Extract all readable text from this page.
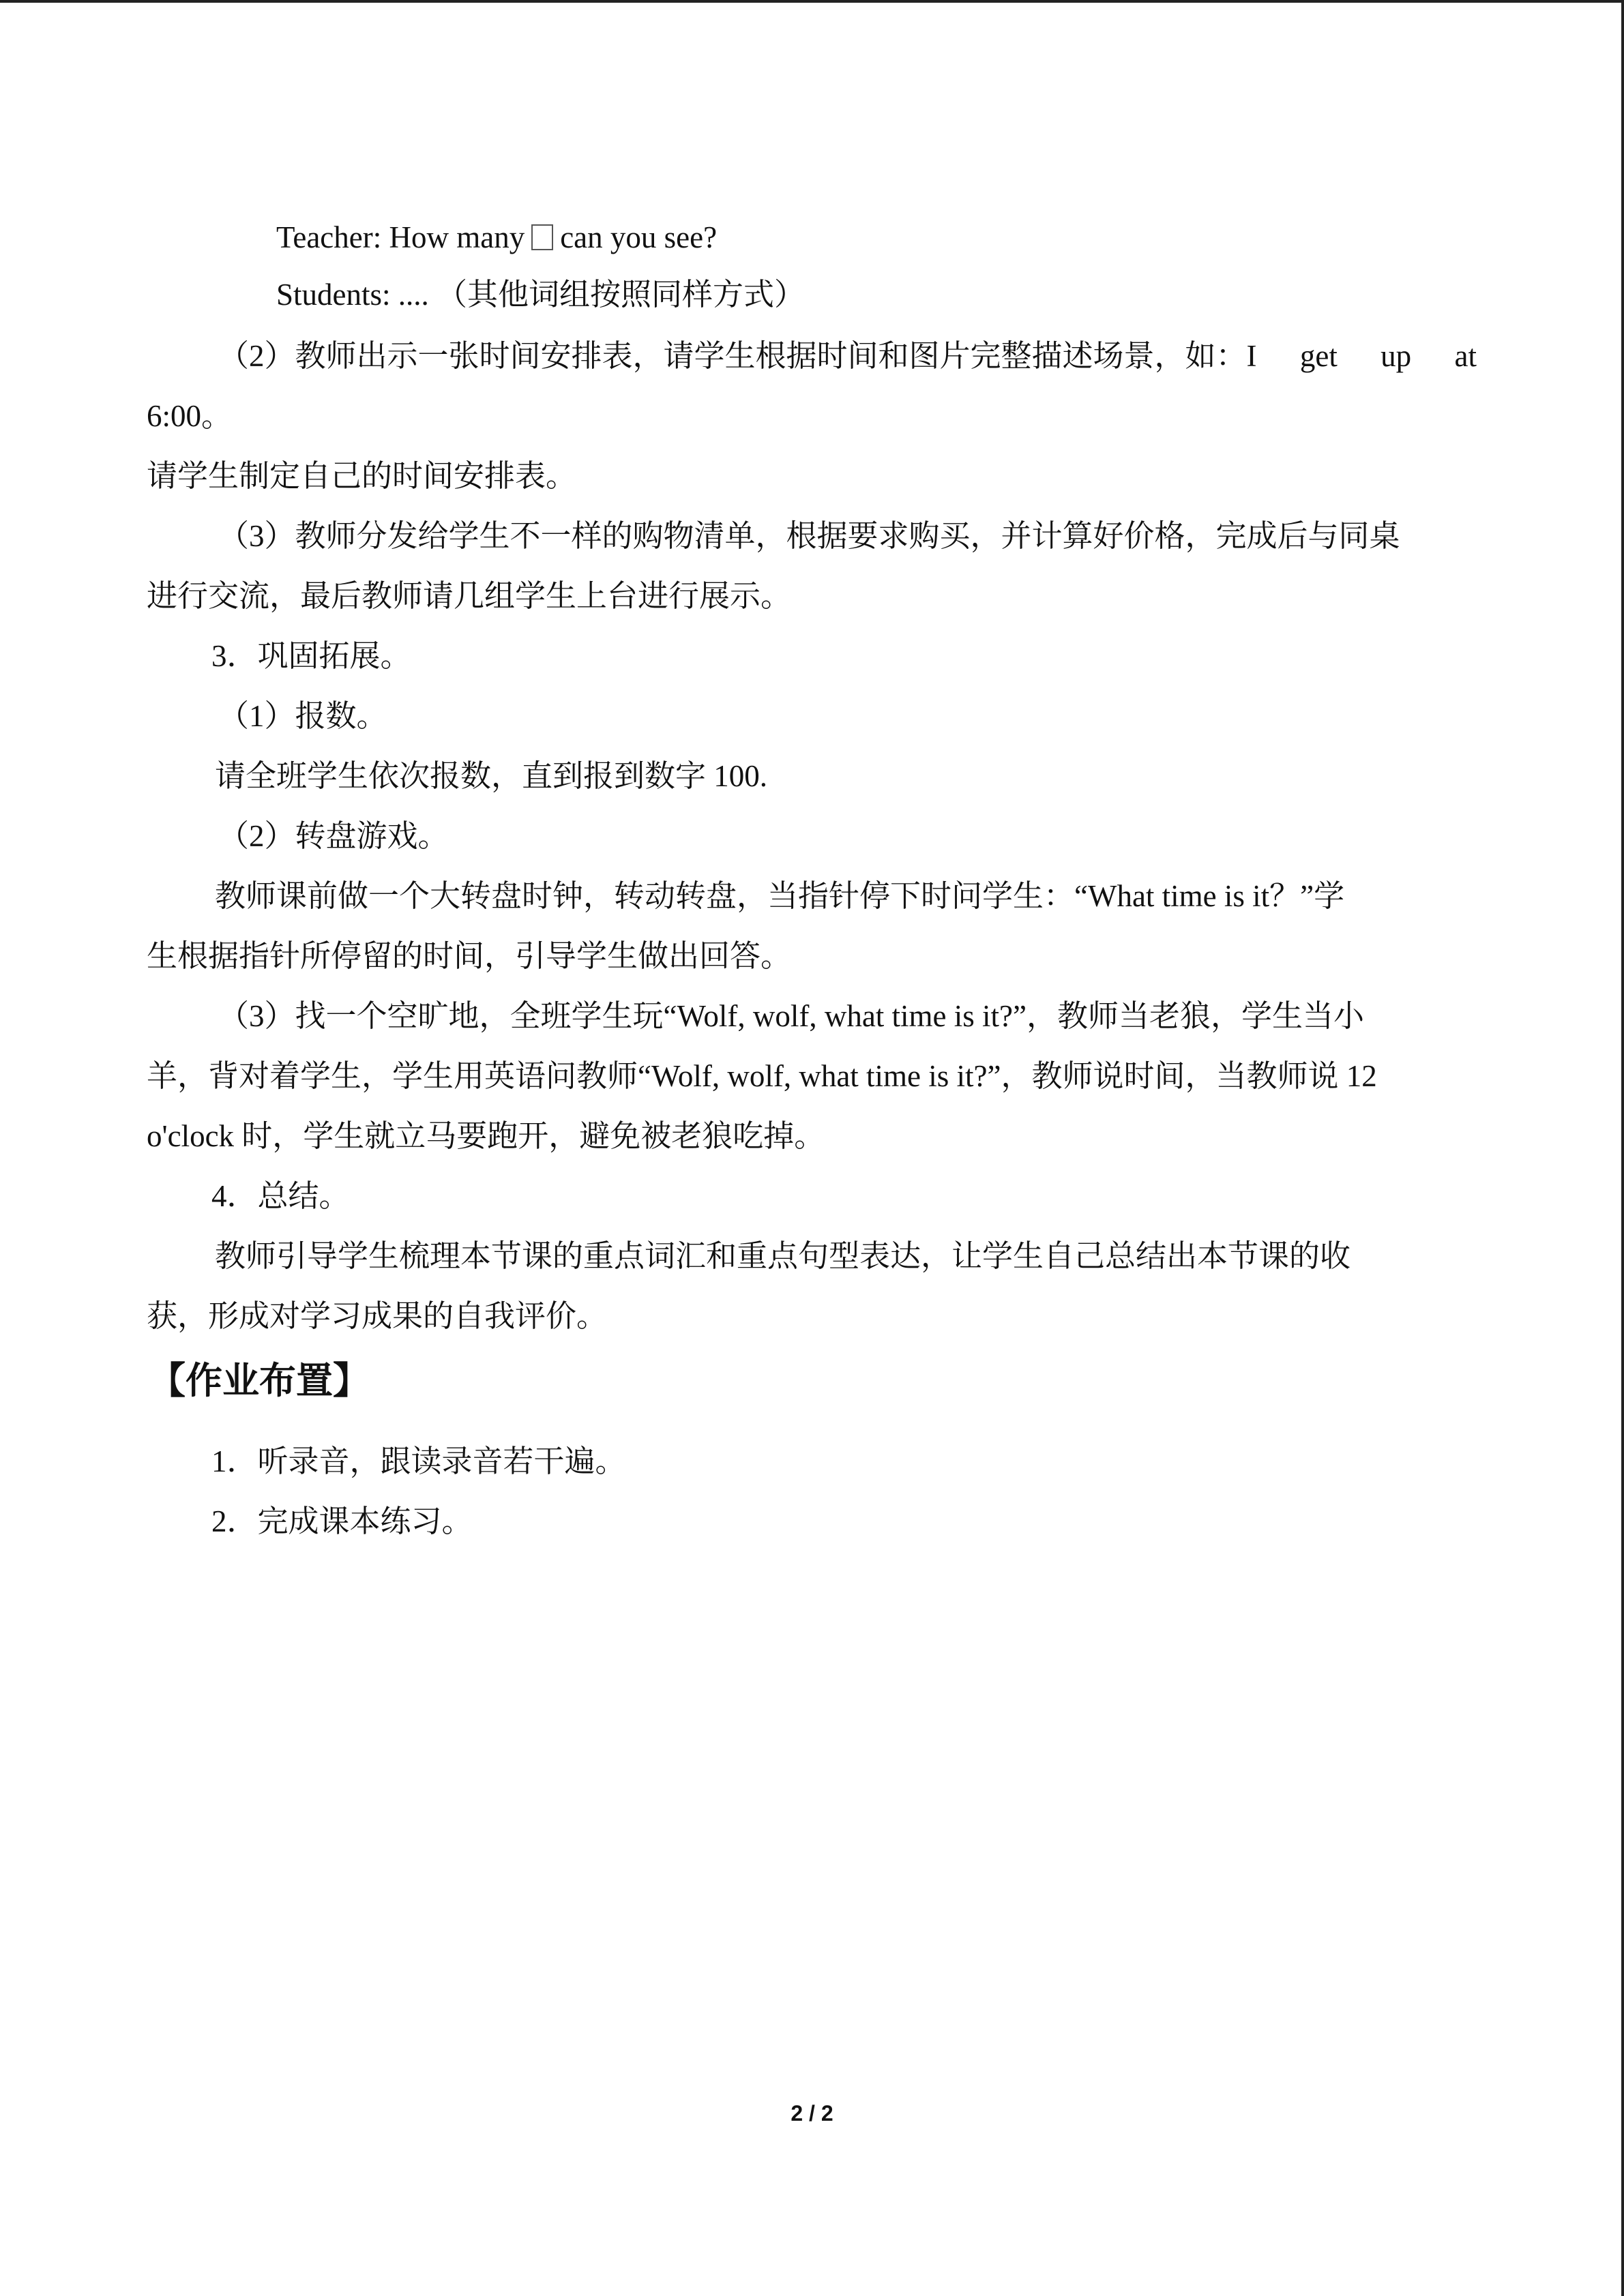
Teacher: How many can you see?

Students: .... （其他词组按照同样方式）

（2）教师出示一张时间安排表，请学生根据时间和图片完整描述场景，如：I get up at

6:00。

请学生制定自己的时间安排表。

（3）教师分发给学生不一样的购物清单，根据要求购买，并计算好价格，完成后与同桌

进行交流，最后教师请几组学生上台进行展示。

3．巩固拓展。

（1）报数。

请全班学生依次报数，直到报到数字 100.

（2）转盘游戏。

教师课前做一个大转盘时钟，转动转盘，当指针停下时问学生：“What time is it？”学

生根据指针所停留的时间，引导学生做出回答。

（3）找一个空旷地，全班学生玩“Wolf, wolf, what time is it?”，教师当老狼，学生当小

羊，背对着学生，学生用英语问教师“Wolf, wolf, what time is it?”，教师说时间，当教师说 12

o'clock 时，学生就立马要跑开，避免被老狼吃掉。

4．总结。

教师引导学生梳理本节课的重点词汇和重点句型表达，让学生自己总结出本节课的收

获，形成对学习成果的自我评价。

【作业布置】

1．听录音，跟读录音若干遍。

2．完成课本练习。

2 / 2
